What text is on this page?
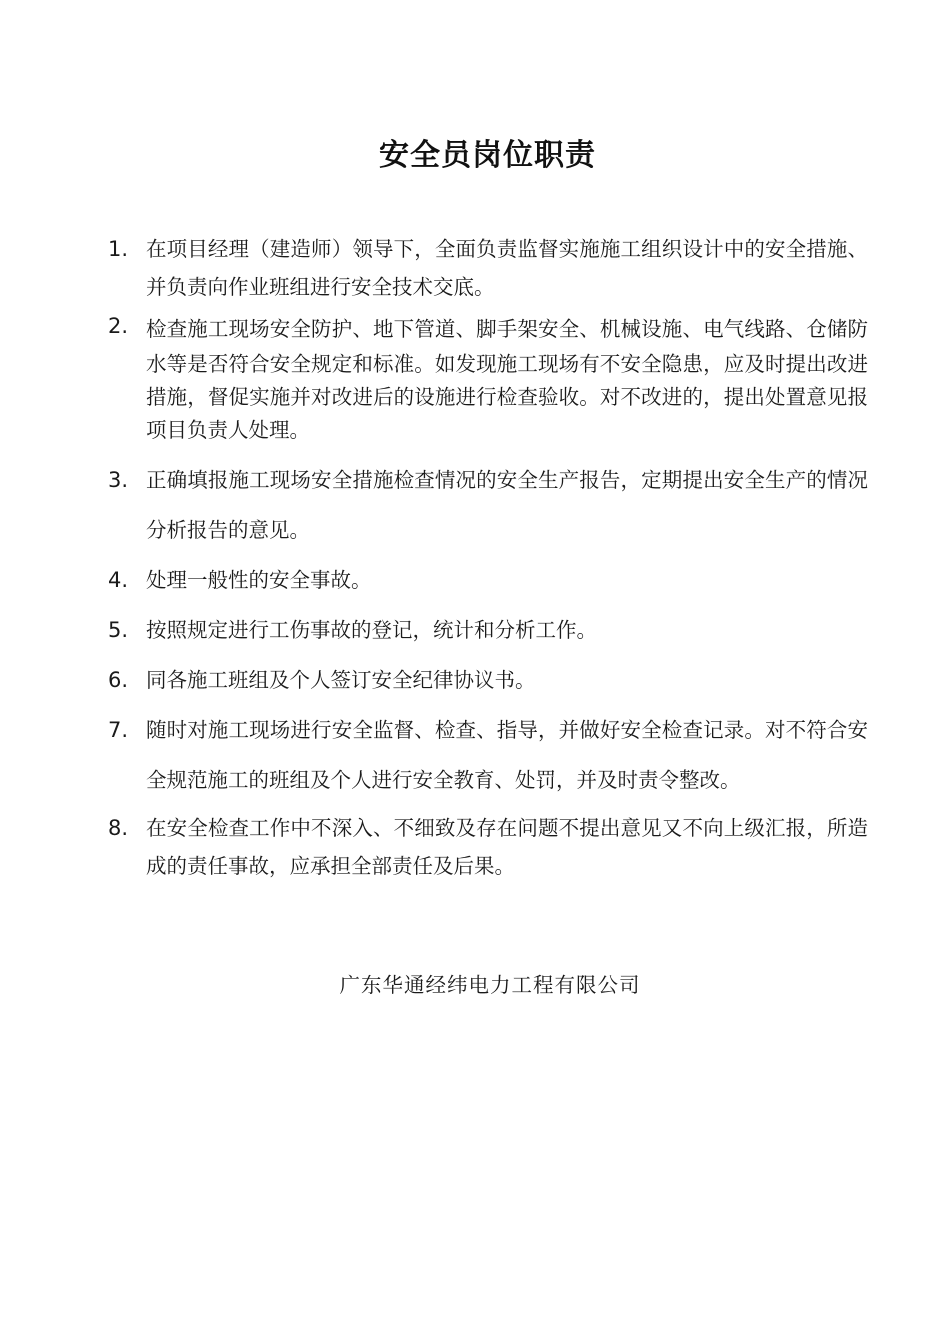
安全员岗位职责
1. 在项目经理（建造师）领导下，全面负责监督实施施工组织设计中的安全措施、并负责向作业班组进行安全技术交底。
2. 检查施工现场安全防护、地下管道、脚手架安全、机械设施、电气线路、仓储防水等是否符合安全规定和标准。如发现施工现场有不安全隐患，应及时提出改进措施，督促实施并对改进后的设施进行检查验收。对不改进的，提出处置意见报项目负责人处理。
3. 正确填报施工现场安全措施检查情况的安全生产报告，定期提出安全生产的情况分析报告的意见。
4. 处理一般性的安全事故。
5. 按照规定进行工伤事故的登记，统计和分析工作。
6. 同各施工班组及个人签订安全纪律协议书。
7. 随时对施工现场进行安全监督、检查、指导，并做好安全检查记录。对不符合安全规范施工的班组及个人进行安全教育、处罚，并及时责令整改。
8. 在安全检查工作中不深入、不细致及存在问题不提出意见又不向上级汇报，所造成的责任事故，应承担全部责任及后果。

广东华通经纬电力工程有限公司
